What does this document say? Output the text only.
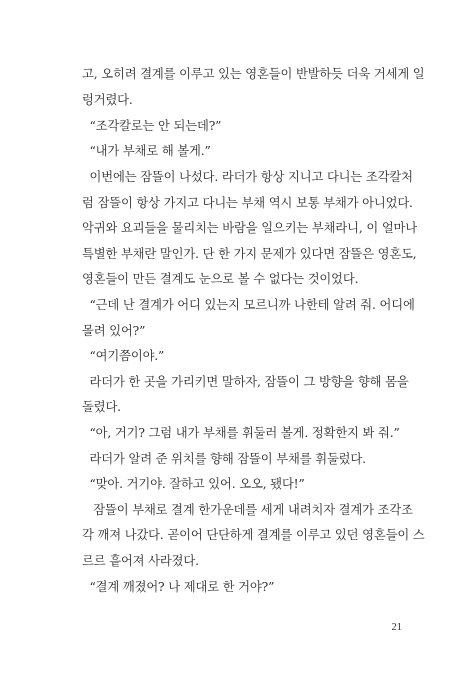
고, 오히려 결계를 이루고 있는 영혼들이 반발하듯 더욱 거세게 일
렁거렸다.
“조각칼로는 안 되는데?”
“내가 부채로 해 볼게.”
이번에는 잠뜰이 나섰다. 라더가 항상 지니고 다니는 조각칼처
럼 잠뜰이 항상 가지고 다니는 부채 역시 보통 부채가 아니었다.
악귀와 요괴들을 물리치는 바람을 일으키는 부채라니, 이 얼마나
특별한 부채란 말인가. 단 한 가지 문제가 있다면 잠뜰은 영혼도,
영혼들이 만든 결계도 눈으로 볼 수 없다는 것이었다.
“근데 난 결계가 어디 있는지 모르니까 나한테 알려 줘. 어디에
몰려 있어?”
“여기쯤이야.”
라더가 한 곳을 가리키면 말하자, 잠뜰이 그 방향을 향해 몸을
돌렸다.
“아, 거기? 그럼 내가 부채를 휘둘러 볼게. 정확한지 봐 줘.”
라더가 알려 준 위치를 향해 잠뜰이 부채를 휘둘렀다.
“맞아. 거기야. 잘하고 있어. 오오, 됐다!”
잠뜰이 부채로 결계 한가운데를 세게 내려치자 결계가 조각조
각 깨져 나갔다. 곧이어 단단하게 결계를 이루고 있던 영혼들이 스
르르 흩어져 사라졌다.
“결계 깨졌어? 나 제대로 한 거야?”
21
